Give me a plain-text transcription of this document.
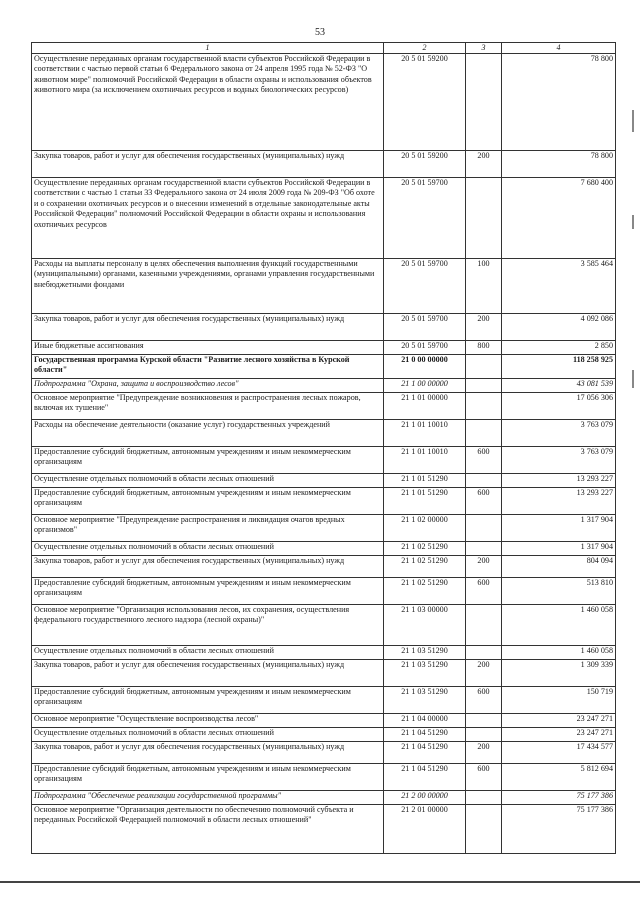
53
1	2	3	4
Осуществление переданных органам государственной власти субъектов Российской Федерации в соответствии с частью первой статьи 6 Федерального закона от 24 апреля 1995 года № 52-ФЗ "О животном мире" полномочий Российской Федерации в области охраны и использования объектов животного мира (за исключением охотничьих ресурсов и водных биологических ресурсов)	20 5 01 59200		78 800
Закупка товаров, работ и услуг для обеспечения государственных (муниципальных) нужд	20 5 01 59200	200	78 800
Осуществление переданных органам государственной власти субъектов Российской Федерации в соответствии с частью 1 статьи 33 Федерального закона от 24 июля 2009 года № 209-ФЗ "Об охоте и о сохранении охотничьих ресурсов и о внесении изменений в отдельные законодательные акты Российской Федерации" полномочий Российской Федерации в области охраны и использования охотничьих ресурсов	20 5 01 59700		7 680 400
Расходы на выплаты персоналу в целях обеспечения выполнения функций государственными (муниципальными) органами, казенными учреждениями, органами управления государственными внебюджетными фондами	20 5 01 59700	100	3 585 464
Закупка товаров, работ и услуг для обеспечения государственных (муниципальных) нужд	20 5 01 59700	200	4 092 086
Иные бюджетные ассигнования	20 5 01 59700	800	2 850
Государственная программа Курской области "Развитие лесного хозяйства в Курской области"	21 0 00 00000		118 258 925
Подпрограмма "Охрана, защита и воспроизводство лесов"	21 1 00 00000		43 081 539
Основное мероприятие "Предупреждение возникновения и распространения лесных пожаров, включая их тушение"	21 1 01 00000		17 056 306
Расходы на обеспечение деятельности (оказание услуг) государственных учреждений	21 1 01 10010		3 763 079
Предоставление субсидий бюджетным, автономным учреждениям и иным некоммерческим организациям	21 1 01 10010	600	3 763 079
Осуществление отдельных полномочий в области лесных отношений	21 1 01 51290		13 293 227
Предоставление субсидий бюджетным, автономным учреждениям и иным некоммерческим организациям	21 1 01 51290	600	13 293 227
Основное мероприятие "Предупреждение распространения и ликвидация очагов вредных организмов"	21 1 02 00000		1 317 904
Осуществление отдельных полномочий в области лесных отношений	21 1 02 51290		1 317 904
Закупка товаров, работ и услуг для обеспечения государственных (муниципальных) нужд	21 1 02 51290	200	804 094
Предоставление субсидий бюджетным, автономным учреждениям и иным некоммерческим организациям	21 1 02 51290	600	513 810
Основное мероприятие "Организация использования лесов, их сохранения, осуществления федерального государственного лесного надзора (лесной охраны)"	21 1 03 00000		1 460 058
Осуществление отдельных полномочий в области лесных отношений	21 1 03 51290		1 460 058
Закупка товаров, работ и услуг для обеспечения государственных (муниципальных) нужд	21 1 03 51290	200	1 309 339
Предоставление субсидий бюджетным, автономным учреждениям и иным некоммерческим организациям	21 1 03 51290	600	150 719
Основное мероприятие "Осуществление воспроизводства лесов"	21 1 04 00000		23 247 271
Осуществление отдельных полномочий в области лесных отношений	21 1 04 51290		23 247 271
Закупка товаров, работ и услуг для обеспечения государственных (муниципальных) нужд	21 1 04 51290	200	17 434 577
Предоставление субсидий бюджетным, автономным учреждениям и иным некоммерческим организациям	21 1 04 51290	600	5 812 694
Подпрограмма "Обеспечение реализации государственной программы"	21 2 00 00000		75 177 386
Основное мероприятие "Организация деятельности по обеспечению полномочий субъекта и переданных Российской Федерацией полномочий в области лесных отношений"	21 2 01 00000		75 177 386
